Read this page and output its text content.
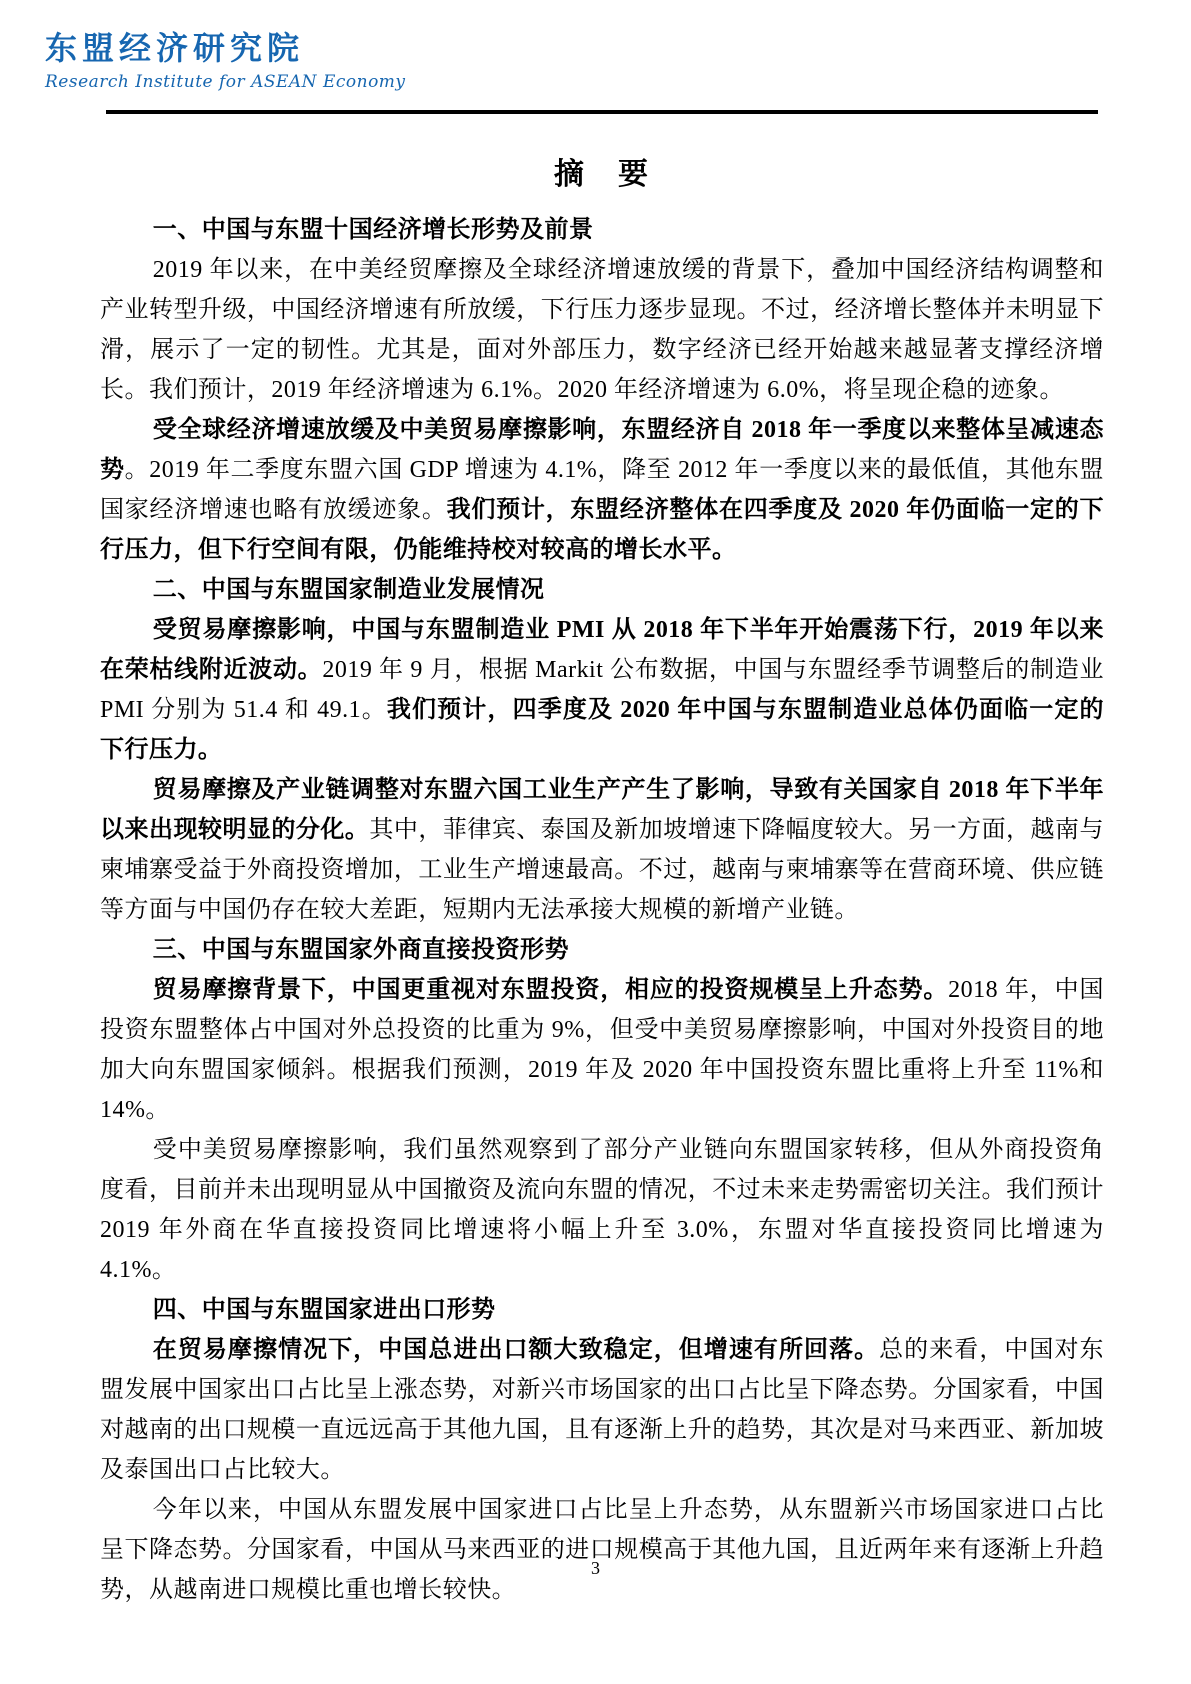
东盟经济研究院
Research Institute for ASEAN Economy
摘　要

一、中国与东盟十国经济增长形势及前景

2019 年以来，在中美经贸摩擦及全球经济增速放缓的背景下，叠加中国经济结构调整和产业转型升级，中国经济增速有所放缓，下行压力逐步显现。不过，经济增长整体并未明显下滑，展示了一定的韧性。尤其是，面对外部压力，数字经济已经开始越来越显著支撑经济增长。我们预计，2019 年经济增速为 6.1%。2020 年经济增速为 6.0%，将呈现企稳的迹象。

受全球经济增速放缓及中美贸易摩擦影响，东盟经济自 2018 年一季度以来整体呈减速态势。2019 年二季度东盟六国 GDP 增速为 4.1%，降至 2012 年一季度以来的最低值，其他东盟国家经济增速也略有放缓迹象。我们预计，东盟经济整体在四季度及 2020 年仍面临一定的下行压力，但下行空间有限，仍能维持校对较高的增长水平。

二、中国与东盟国家制造业发展情况

受贸易摩擦影响，中国与东盟制造业 PMI 从 2018 年下半年开始震荡下行，2019 年以来在荣枯线附近波动。2019 年 9 月，根据 Markit 公布数据，中国与东盟经季节调整后的制造业 PMI 分别为 51.4 和 49.1。我们预计，四季度及 2020 年中国与东盟制造业总体仍面临一定的下行压力。

贸易摩擦及产业链调整对东盟六国工业生产产生了影响，导致有关国家自 2018 年下半年以来出现较明显的分化。其中，菲律宾、泰国及新加坡增速下降幅度较大。另一方面，越南与柬埔寨受益于外商投资增加，工业生产增速最高。不过，越南与柬埔寨等在营商环境、供应链等方面与中国仍存在较大差距，短期内无法承接大规模的新增产业链。

三、中国与东盟国家外商直接投资形势

贸易摩擦背景下，中国更重视对东盟投资，相应的投资规模呈上升态势。2018 年，中国投资东盟整体占中国对外总投资的比重为 9%，但受中美贸易摩擦影响，中国对外投资目的地加大向东盟国家倾斜。根据我们预测，2019 年及 2020 年中国投资东盟比重将上升至 11%和 14%。

受中美贸易摩擦影响，我们虽然观察到了部分产业链向东盟国家转移，但从外商投资角度看，目前并未出现明显从中国撤资及流向东盟的情况，不过未来走势需密切关注。我们预计 2019 年外商在华直接投资同比增速将小幅上升至 3.0%，东盟对华直接投资同比增速为 4.1%。

四、中国与东盟国家进出口形势

在贸易摩擦情况下，中国总进出口额大致稳定，但增速有所回落。总的来看，中国对东盟发展中国家出口占比呈上涨态势，对新兴市场国家的出口占比呈下降态势。分国家看，中国对越南的出口规模一直远远高于其他九国，且有逐渐上升的趋势，其次是对马来西亚、新加坡及泰国出口占比较大。

今年以来，中国从东盟发展中国家进口占比呈上升态势，从东盟新兴市场国家进口占比呈下降态势。分国家看，中国从马来西亚的进口规模高于其他九国，且近两年来有逐渐上升趋势，从越南进口规模比重也增长较快。

3
